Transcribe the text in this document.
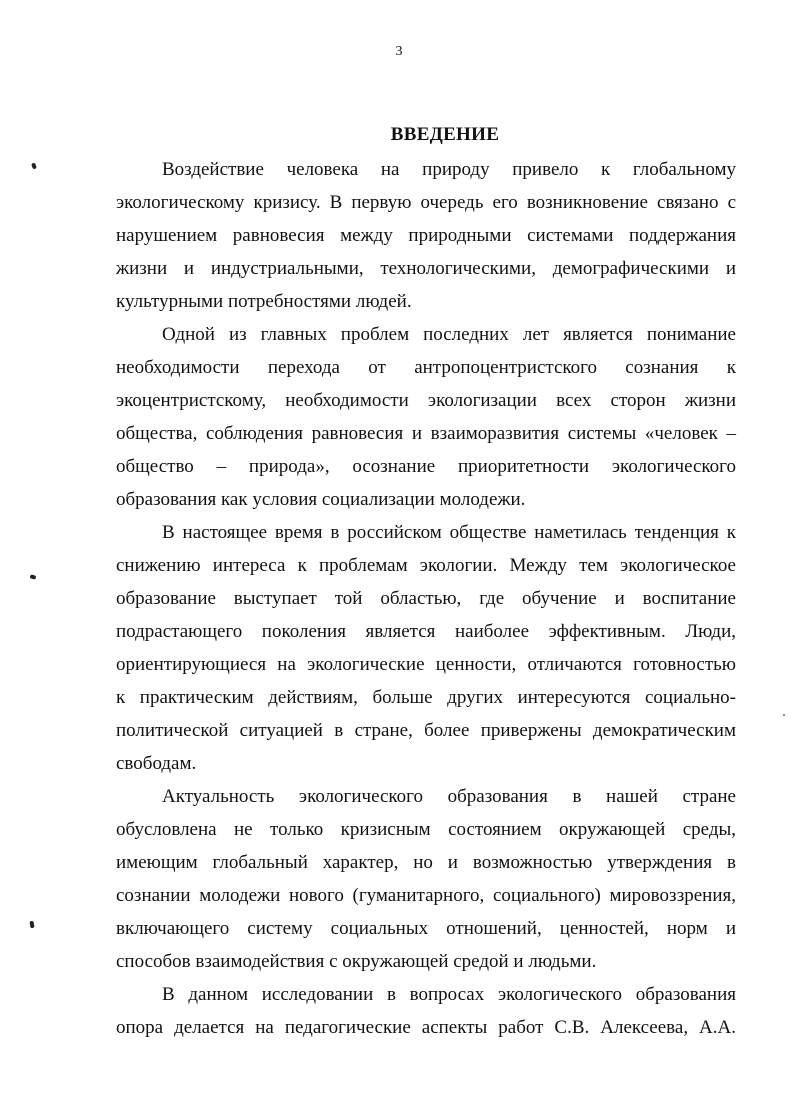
3
ВВЕДЕНИЕ

Воздействие человека на природу привело к глобальному
экологическому кризису. В первую очередь его возникновение связано с
нарушением равновесия между природными системами поддержания
жизни и индустриальными, технологическими, демографическими и
культурными потребностями людей.

Одной из главных проблем последних лет является понимание
необходимости перехода от антропоцентристского сознания к
экоцентристскому, необходимости экологизации всех сторон жизни
общества, соблюдения равновесия и взаиморазвития системы «человек –
общество – природа», осознание приоритетности экологического
образования как условия социализации молодежи.

В настоящее время в российском обществе наметилась тенденция к
снижению интереса к проблемам экологии. Между тем экологическое
образование выступает той областью, где обучение и воспитание
подрастающего поколения является наиболее эффективным. Люди,
ориентирующиеся на экологические ценности, отличаются готовностью
к практическим действиям, больше других интересуются социально-
политической ситуацией в стране, более привержены демократическим
свободам.

Актуальность экологического образования в нашей стране
обусловлена не только кризисным состоянием окружающей среды,
имеющим глобальный характер, но и возможностью утверждения в
сознании молодежи нового (гуманитарного, социального) мировоззрения,
включающего систему социальных отношений, ценностей, норм и
способов взаимодействия с окружающей средой и людьми.

В данном исследовании в вопросах экологического образования
опора делается на педагогические аспекты работ С.В. Алексеева, А.А.
